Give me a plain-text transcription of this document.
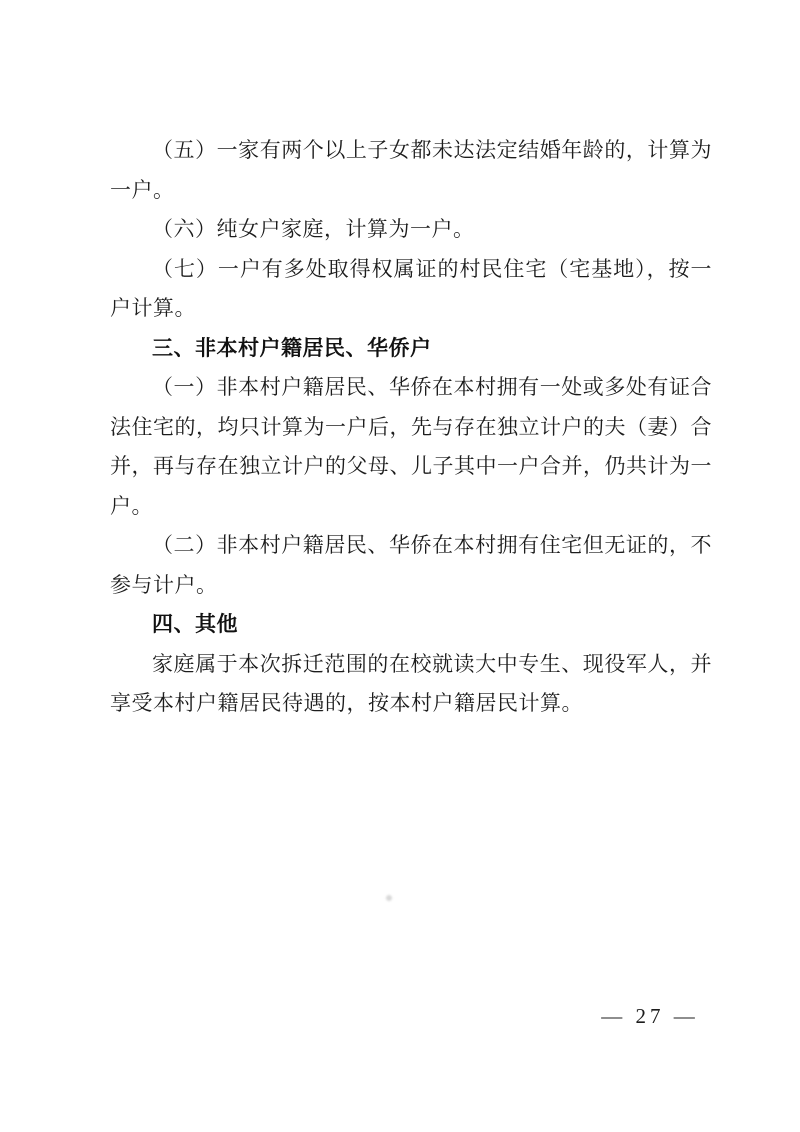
（五）一家有两个以上子女都未达法定结婚年龄的，计算为一户。

（六）纯女户家庭，计算为一户。

（七）一户有多处取得权属证的村民住宅（宅基地），按一户计算。

三、非本村户籍居民、华侨户

（一）非本村户籍居民、华侨在本村拥有一处或多处有证合法住宅的，均只计算为一户后，先与存在独立计户的夫（妻）合并，再与存在独立计户的父母、儿子其中一户合并，仍共计为一户。

（二）非本村户籍居民、华侨在本村拥有住宅但无证的，不参与计户。

四、其他

家庭属于本次拆迁范围的在校就读大中专生、现役军人，并享受本村户籍居民待遇的，按本村户籍居民计算。

— 27 —
